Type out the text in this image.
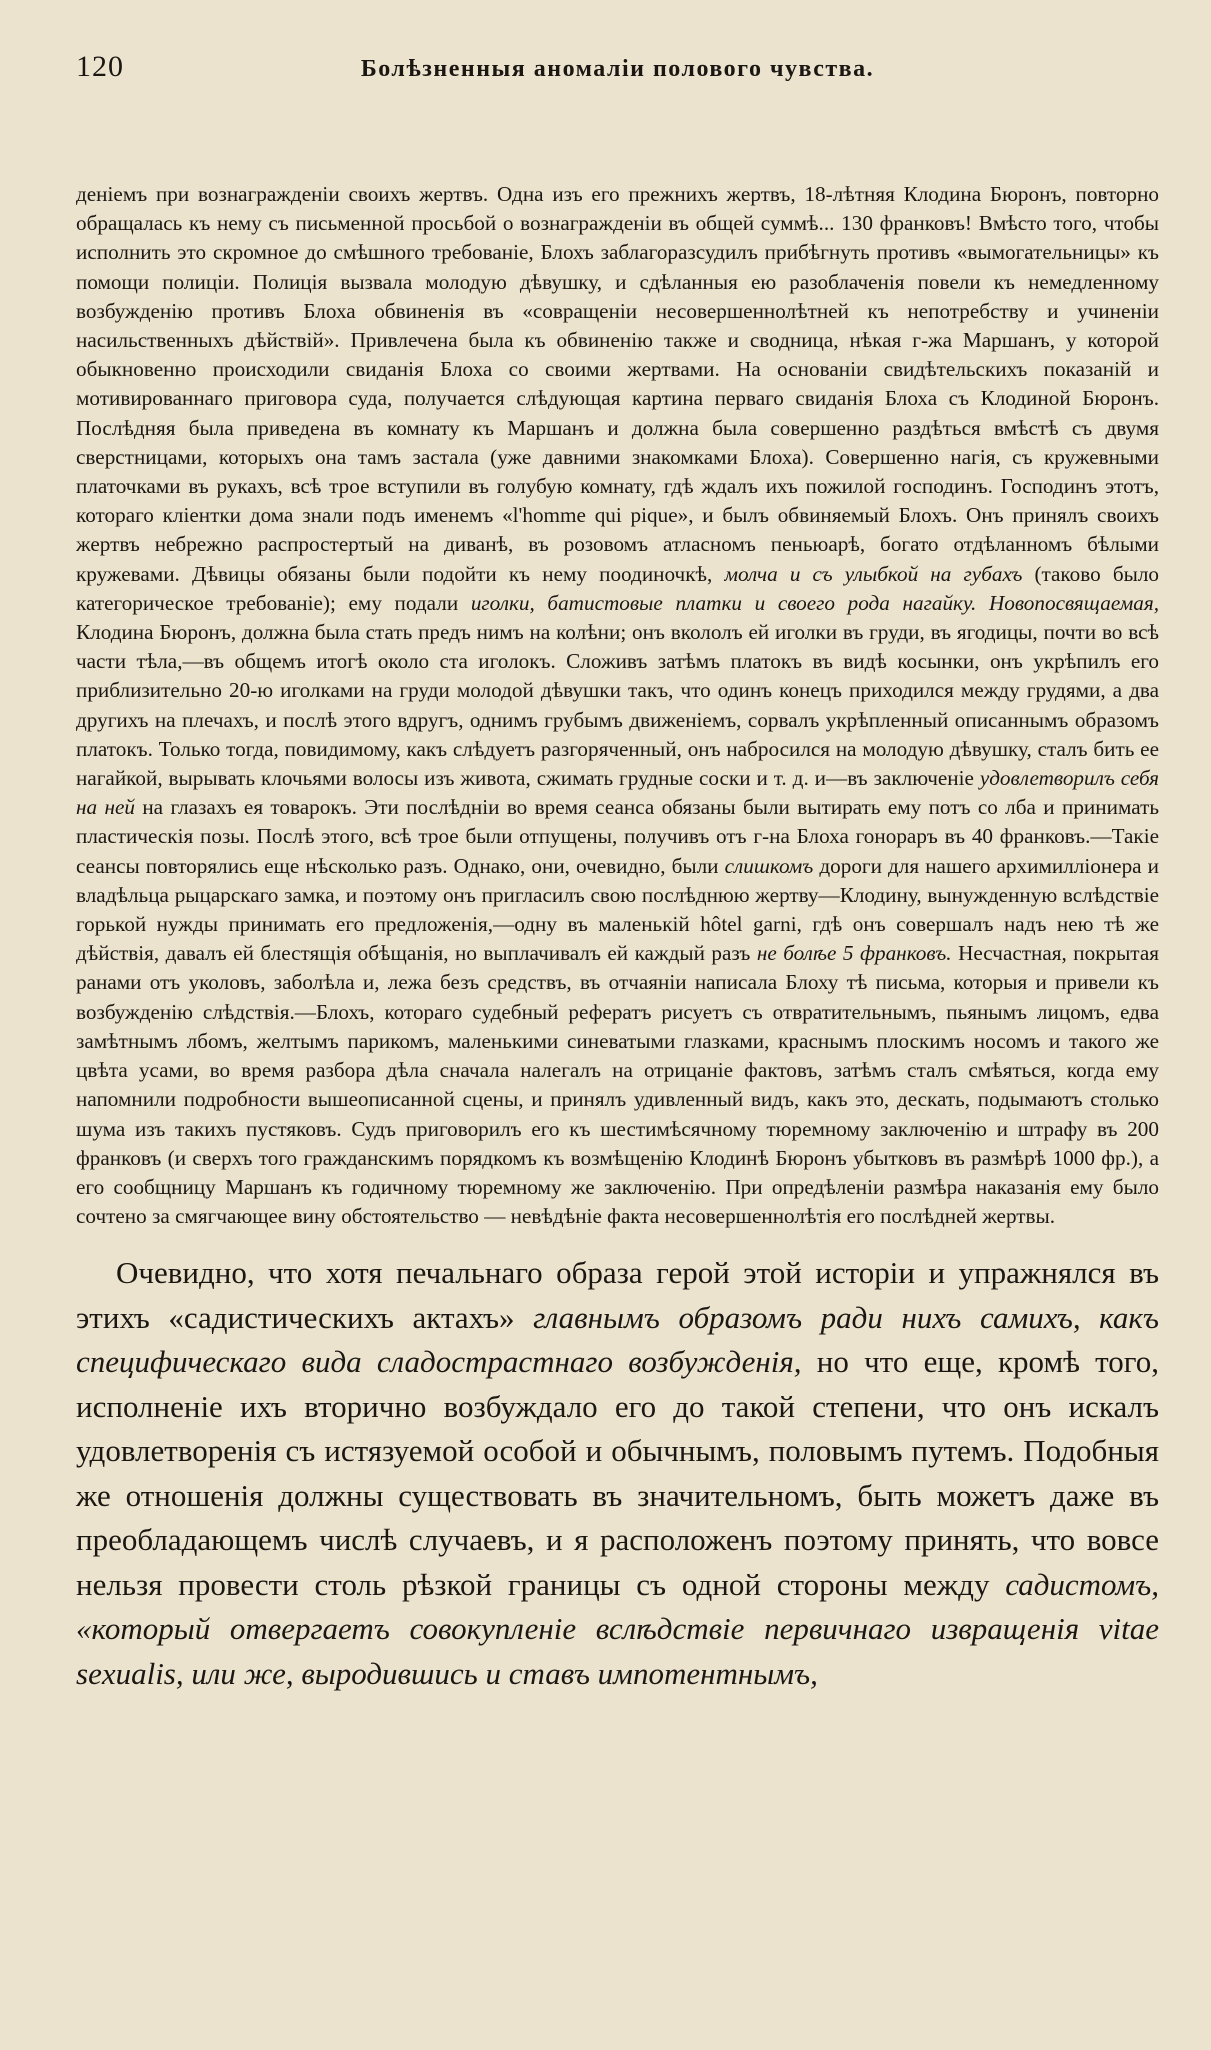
120	Болѣзненныя аномаліи полового чувства.

деніемъ при вознагражденіи своихъ жертвъ. Одна изъ его прежнихъ жертвъ, 18-лѣтняя Клодина Бюронъ, повторно обращалась къ нему съ письменной просьбой о вознагражденіи въ общей суммѣ... 130 франковъ! Вмѣсто того, чтобы исполнить это скромное до смѣшного требованіе, Блохъ заблагоразсудилъ прибѣгнуть противъ «вымогательницы» къ помощи полиціи. Полиція вызвала молодую дѣвушку, и сдѣланныя ею разоблаченія повели къ немедленному возбужденію противъ Блоха обвиненія въ «совращеніи несовершеннолѣтней къ непотребству и учиненіи насильственныхъ дѣйствій». Привлечена была къ обвиненію также и сводница, нѣкая г-жа Маршанъ, у которой обыкновенно происходили свиданія Блоха со своими жертвами. На основаніи свидѣтельскихъ показаній и мотивированнаго приговора суда, получается слѣдующая картина перваго свиданія Блоха съ Клодиной Бюронъ. Послѣдняя была приведена въ комнату къ Маршанъ и должна была совершенно раздѣться вмѣстѣ съ двумя сверстницами, которыхъ она тамъ застала (уже давними знакомками Блоха). Совершенно нагія, съ кружевными платочками въ рукахъ, всѣ трое вступили въ голубую комнату, гдѣ ждалъ ихъ пожилой господинъ. Господинъ этотъ, котораго кліентки дома знали подъ именемъ «l'homme qui pique», и былъ обвиняемый Блохъ. Онъ принялъ своихъ жертвъ небрежно распростертый на диванѣ, въ розовомъ атласномъ пеньюарѣ, богато отдѣланномъ бѣлыми кружевами. Дѣвицы обязаны были подойти къ нему поодиночкѣ, молча и съ улыбкой на губахъ (таково было категорическое требованіе); ему подали иголки, батистовые платки и своего рода нагайку. Новопосвящаемая, Клодина Бюронъ, должна была стать предъ нимъ на колѣни; онъ вкололъ ей иголки въ груди, въ ягодицы, почти во всѣ части тѣла,—въ общемъ итогѣ около ста иголокъ. Сложивъ затѣмъ платокъ въ видѣ косынки, онъ укрѣпилъ его приблизительно 20-ю иголками на груди молодой дѣвушки такъ, что одинъ конецъ приходился между грудями, а два другихъ на плечахъ, и послѣ этого вдругъ, однимъ грубымъ движеніемъ, сорвалъ укрѣпленный описаннымъ образомъ платокъ. Только тогда, повидимому, какъ слѣдуетъ разгоряченный, онъ набросился на молодую дѣвушку, сталъ бить ее нагайкой, вырывать клочьями волосы изъ живота, сжимать грудные соски и т. д. и—въ заключеніе удовлетворилъ себя на ней на глазахъ ея товарокъ. Эти послѣдніи во время сеанса обязаны были вытирать ему потъ со лба и принимать пластическія позы. Послѣ этого, всѣ трое были отпущены, получивъ отъ г-на Блоха гонораръ въ 40 франковъ.—Такіе сеансы повторялись еще нѣсколько разъ. Однако, они, очевидно, были слишкомъ дороги для нашего архимилліонера и владѣльца рыцарскаго замка, и поэтому онъ пригласилъ свою послѣднюю жертву—Клодину, вынужденную вслѣдствіе горькой нужды принимать его предложенія,—одну въ маленькій hôtel garni, гдѣ онъ совершалъ надъ нею тѣ же дѣйствія, давалъ ей блестящія обѣщанія, но выплачивалъ ей каждый разъ не болѣе 5 франковъ. Несчастная, покрытая ранами отъ уколовъ, заболѣла и, лежа безъ средствъ, въ отчаяніи написала Блоху тѣ письма, которыя и привели къ возбужденію слѣдствія.—Блохъ, котораго судебный рефератъ рисуетъ съ отвратительнымъ, пьянымъ лицомъ, едва замѣтнымъ лбомъ, желтымъ парикомъ, маленькими синеватыми глазками, краснымъ плоскимъ носомъ и такого же цвѣта усами, во время разбора дѣла сначала налегалъ на отрицаніе фактовъ, затѣмъ сталъ смѣяться, когда ему напомнили подробности вышеописанной сцены, и принялъ удивленный видъ, какъ это, дескать, подымаютъ столько шума изъ такихъ пустяковъ. Судъ приговорилъ его къ шестимѣсячному тюремному заключенію и штрафу въ 200 франковъ (и сверхъ того гражданскимъ порядкомъ къ возмѣщенію Клодинѣ Бюронъ убытковъ въ размѣрѣ 1000 фр.), а его сообщницу Маршанъ къ годичному тюремному же заключенію. При опредѣленіи размѣра наказанія ему было сочтено за смягчающее вину обстоятельство — невѣдѣніе факта несовершеннолѣтія его послѣдней жертвы.

Очевидно, что хотя печальнаго образа герой этой исторіи и упражнялся въ этихъ «садистическихъ актахъ» главнымъ образомъ ради нихъ самихъ, какъ специфическаго вида сладострастнаго возбужденія, но что еще, кромѣ того, исполненіе ихъ вторично возбуждало его до такой степени, что онъ искалъ удовлетворенія съ истязуемой особой и обычнымъ, половымъ путемъ. Подобныя же отношенія должны существовать въ значительномъ, быть можетъ даже въ преобладающемъ числѣ случаевъ, и я расположенъ поэтому принять, что вовсе нельзя провести столь рѣзкой границы съ одной стороны между садистомъ, «который отвергаетъ совокупленіе вслѣдствіе первичнаго извращенія vitae sexualis, или же, выродившись и ставъ импотентнымъ,
